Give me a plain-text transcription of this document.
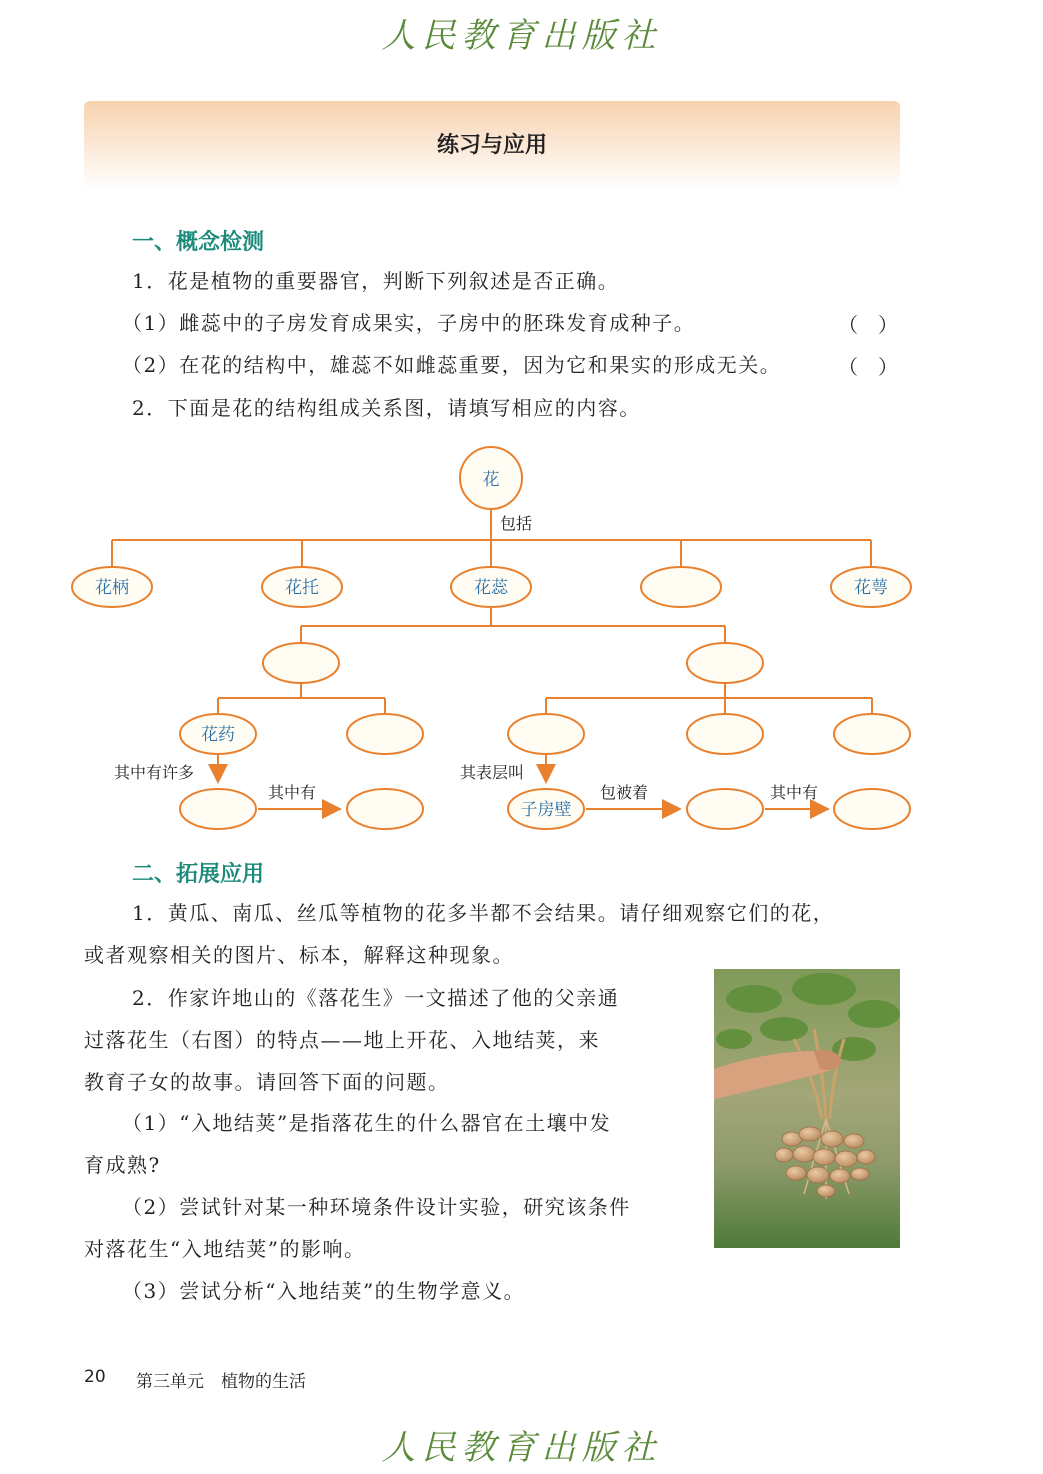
人民教育出版社
练习与应用
一、概念检测
1．花是植物的重要器官，判断下列叙述是否正确。
（1）雌蕊中的子房发育成果实，子房中的胚珠发育成种子。	（　）
（2）在花的结构中，雄蕊不如雌蕊重要，因为它和果实的形成无关。	（　）
2．下面是花的结构组成关系图，请填写相应的内容。
花
花柄	花托	花蕊	花萼
花药
子房壁
包括
其中有许多
其中有
其表层叫
包被着	其中有
二、拓展应用
1．黄瓜、南瓜、丝瓜等植物的花多半都不会结果。请仔细观察它们的花，
或者观察相关的图片、标本，解释这种现象。
2．作家许地山的《落花生》一文描述了他的父亲通
过落花生（右图）的特点——地上开花、入地结荚，来
教育子女的故事。请回答下面的问题。
（1）“入地结荚”是指落花生的什么器官在土壤中发
育成熟?
（2）尝试针对某一种环境条件设计实验，研究该条件
对落花生“入地结荚”的影响。
（3）尝试分析“入地结荚”的生物学意义。
20 第三单元　植物的生活
人民教育出版社
